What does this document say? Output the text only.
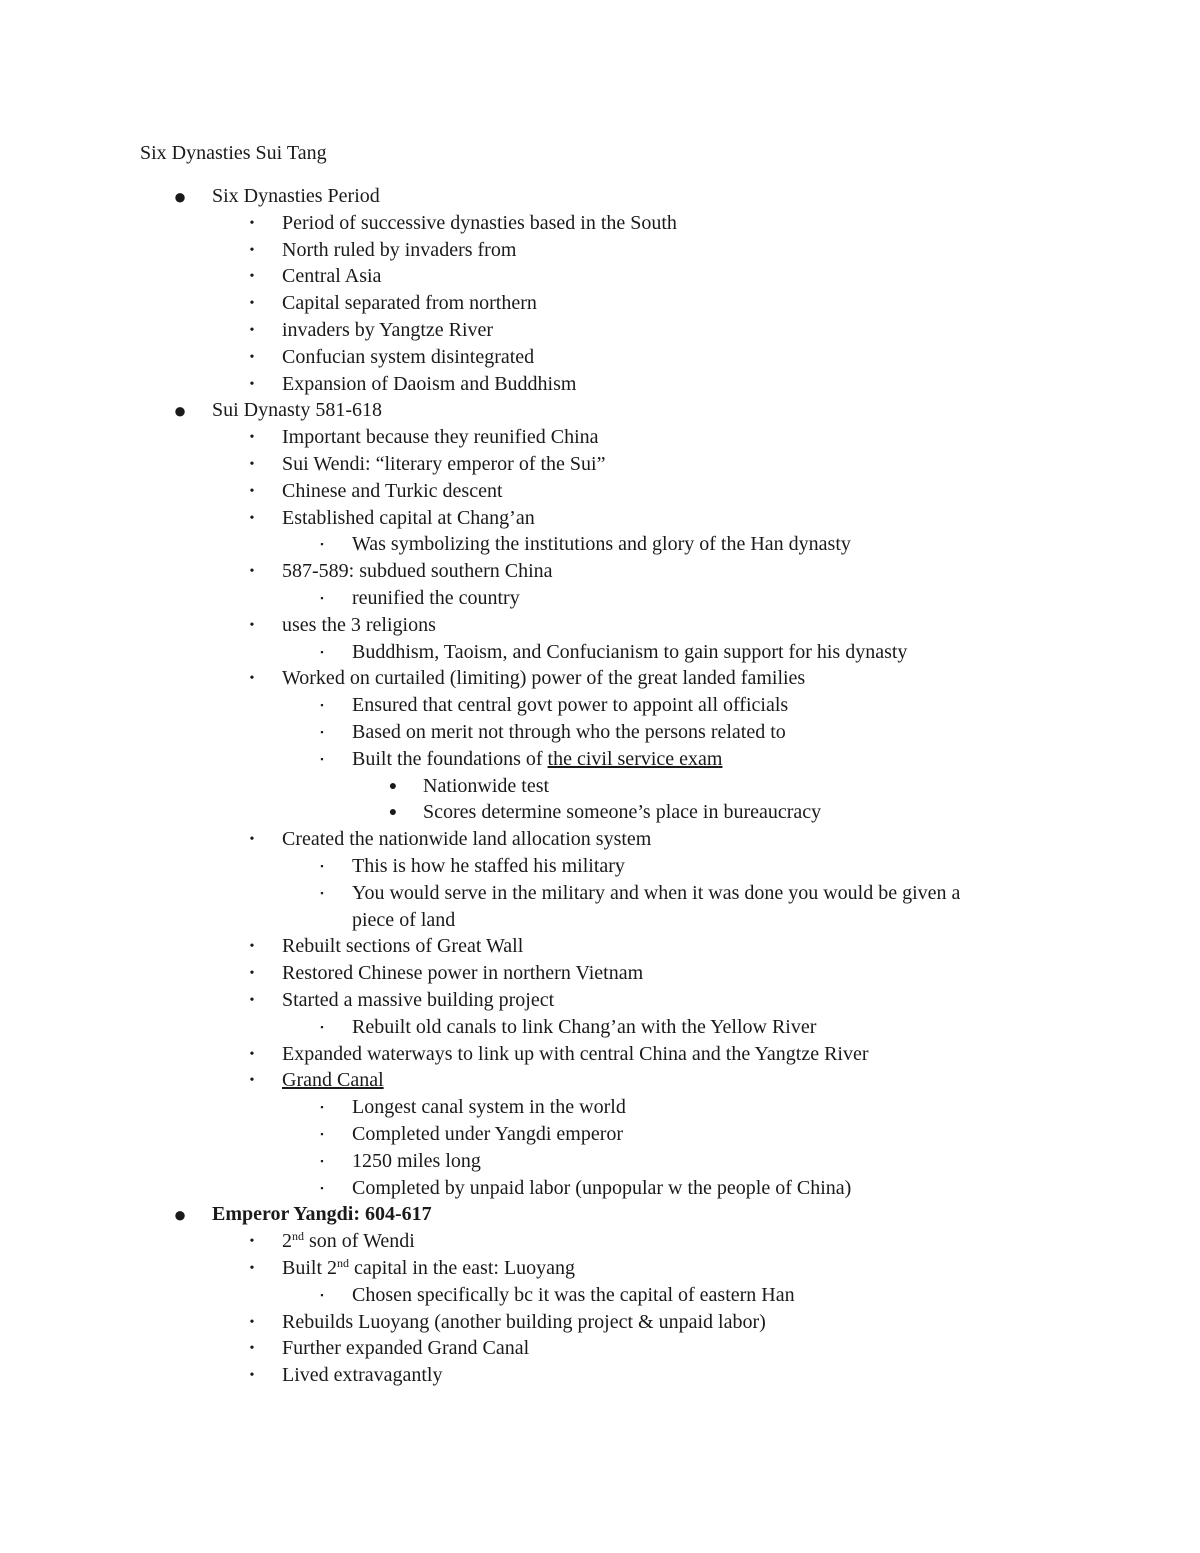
Six Dynasties Sui Tang
● Six Dynasties Period
•	Period of successive dynasties based in the South
•	North ruled by invaders from
•	Central Asia
•	Capital separated from northern
•	invaders by Yangtze River
•	Confucian system disintegrated
•	Expansion of Daoism and Buddhism
● Sui Dynasty 581-618
•	Important because they reunified China
•	Sui Wendi: “literary emperor of the Sui”
•	Chinese and Turkic descent
•	Established capital at Chang’an
▪	Was symbolizing the institutions and glory of the Han dynasty
•	587-589: subdued southern China
▪	reunified the country
•	uses the 3 religions
▪	Buddhism, Taoism, and Confucianism to gain support for his dynasty
•	Worked on curtailed (limiting) power of the great landed families
▪	Ensured that central govt power to appoint all officials
▪	Based on merit not through who the persons related to
▪	Built the foundations of the civil service exam
● Nationwide test
● Scores determine someone’s place in bureaucracy
•	Created the nationwide land allocation system
▪	This is how he staffed his military
▪	You would serve in the military and when it was done you would be given a
piece of land
•	Rebuilt sections of Great Wall
•	Restored Chinese power in northern Vietnam
•	Started a massive building project
▪	Rebuilt old canals to link Chang’an with the Yellow River
•	Expanded waterways to link up with central China and the Yangtze River
•	Grand Canal
▪	Longest canal system in the world
▪	Completed under Yangdi emperor
▪	1250 miles long
▪	Completed by unpaid labor (unpopular w the people of China)
● Emperor Yangdi: 604-617
•	2nd son of Wendi
•	Built 2nd capital in the east: Luoyang
▪	Chosen specifically bc it was the capital of eastern Han
•	Rebuilds Luoyang (another building project & unpaid labor)
•	Further expanded Grand Canal
•	Lived extravagantly
